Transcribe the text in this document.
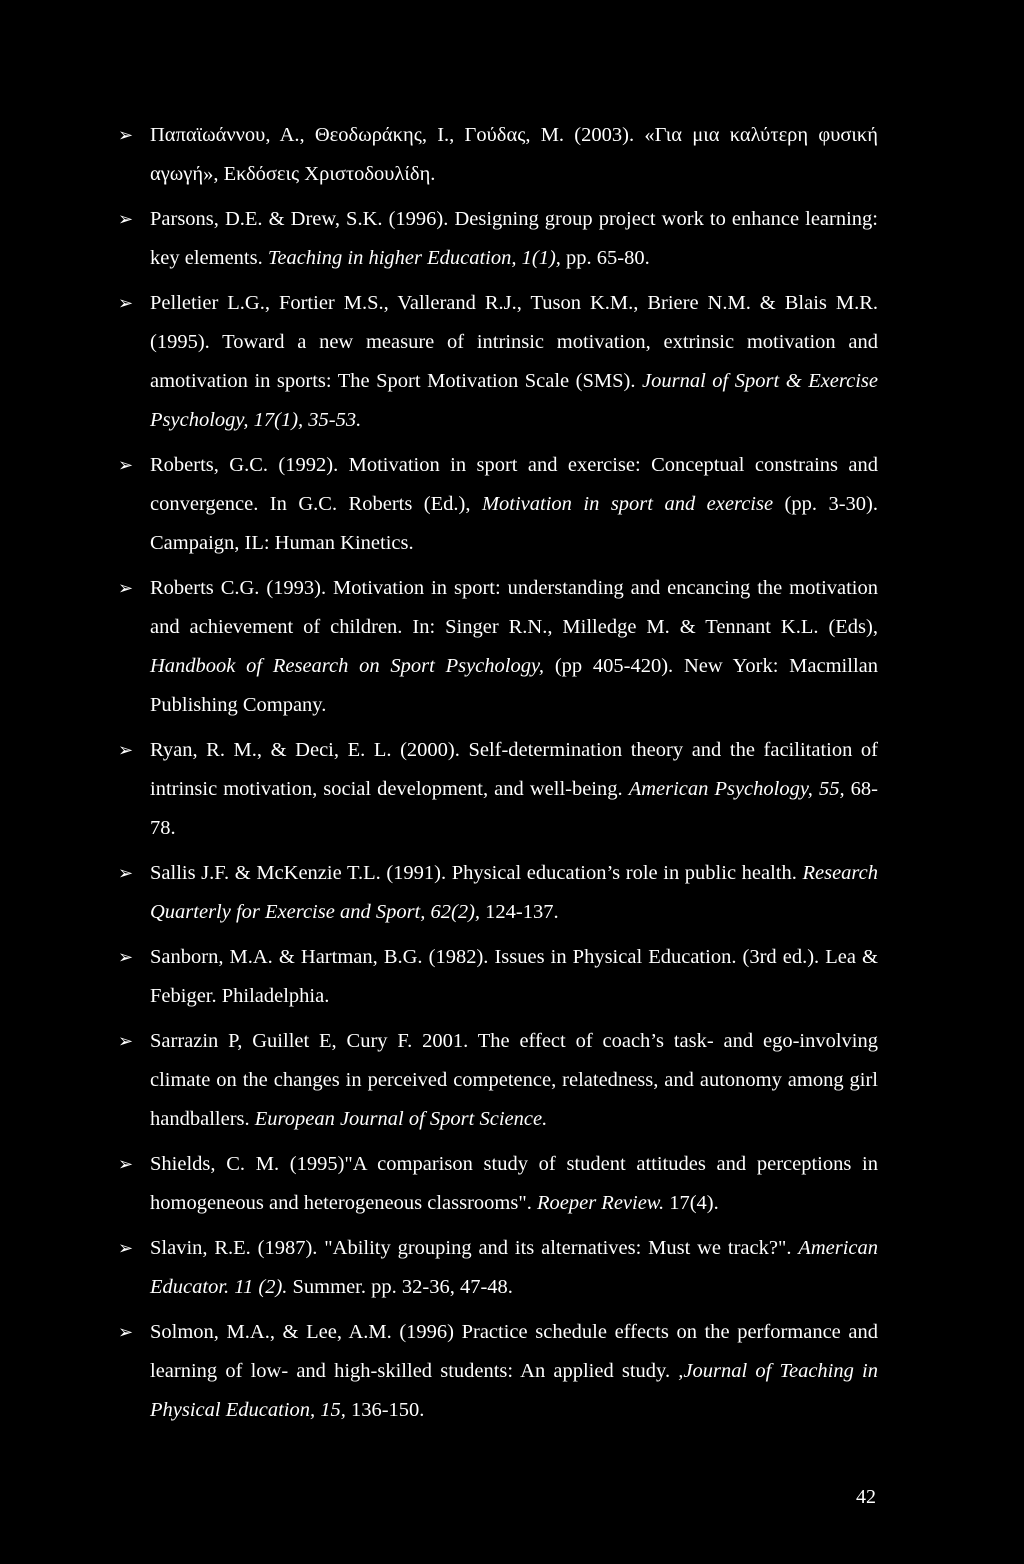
➢ Παπαϊωάννου, Α., Θεοδωράκης, Ι., Γούδας, Μ. (2003). «Για μια καλύτερη φυσική αγωγή», Εκδόσεις Χριστοδουλίδη.
➢ Parsons, D.E. & Drew, S.K. (1996). Designing group project work to enhance learning: key elements. Teaching in higher Education, 1(1), pp. 65-80.
➢ Pelletier L.G., Fortier M.S., Vallerand R.J., Tuson K.M., Briere N.M. & Blais M.R. (1995). Toward a new measure of intrinsic motivation, extrinsic motivation and amotivation in sports: The Sport Motivation Scale (SMS). Journal of Sport & Exercise Psychology, 17(1), 35-53.
➢ Roberts, G.C. (1992). Motivation in sport and exercise: Conceptual constrains and convergence. In G.C. Roberts (Ed.), Motivation in sport and exercise (pp. 3-30). Campaign, IL: Human Kinetics.
➢ Roberts C.G. (1993). Motivation in sport: understanding and encancing the motivation and achievement of children. In: Singer R.N., Milledge M. & Tennant K.L. (Eds), Handbook of Research on Sport Psychology, (pp 405-420). New York: Macmillan Publishing Company.
➢ Ryan, R. M., & Deci, E. L. (2000). Self-determination theory and the facilitation of intrinsic motivation, social development, and well-being. American Psychology, 55, 68-78.
➢ Sallis J.F. & McKenzie T.L. (1991). Physical education’s role in public health. Research Quarterly for Exercise and Sport, 62(2), 124-137.
➢ Sanborn, M.A. & Hartman, B.G. (1982). Issues in Physical Education. (3rd ed.). Lea & Febiger. Philadelphia.
➢ Sarrazin P, Guillet E, Cury F. 2001. The effect of coach’s task- and ego-involving climate on the changes in perceived competence, relatedness, and autonomy among girl handballers. European Journal of Sport Science.
➢ Shields, C. M. (1995)"A comparison study of student attitudes and perceptions in homogeneous and heterogeneous classrooms". Roeper Review. 17(4).
➢ Slavin, R.E. (1987). "Ability grouping and its alternatives: Must we track?". American Educator. 11 (2). Summer. pp. 32-36, 47-48.
➢ Solmon, M.A., & Lee, A.M. (1996) Practice schedule effects on the performance and learning of low- and high-skilled students: An applied study. ,Journal of Teaching in Physical Education, 15, 136-150.
42
